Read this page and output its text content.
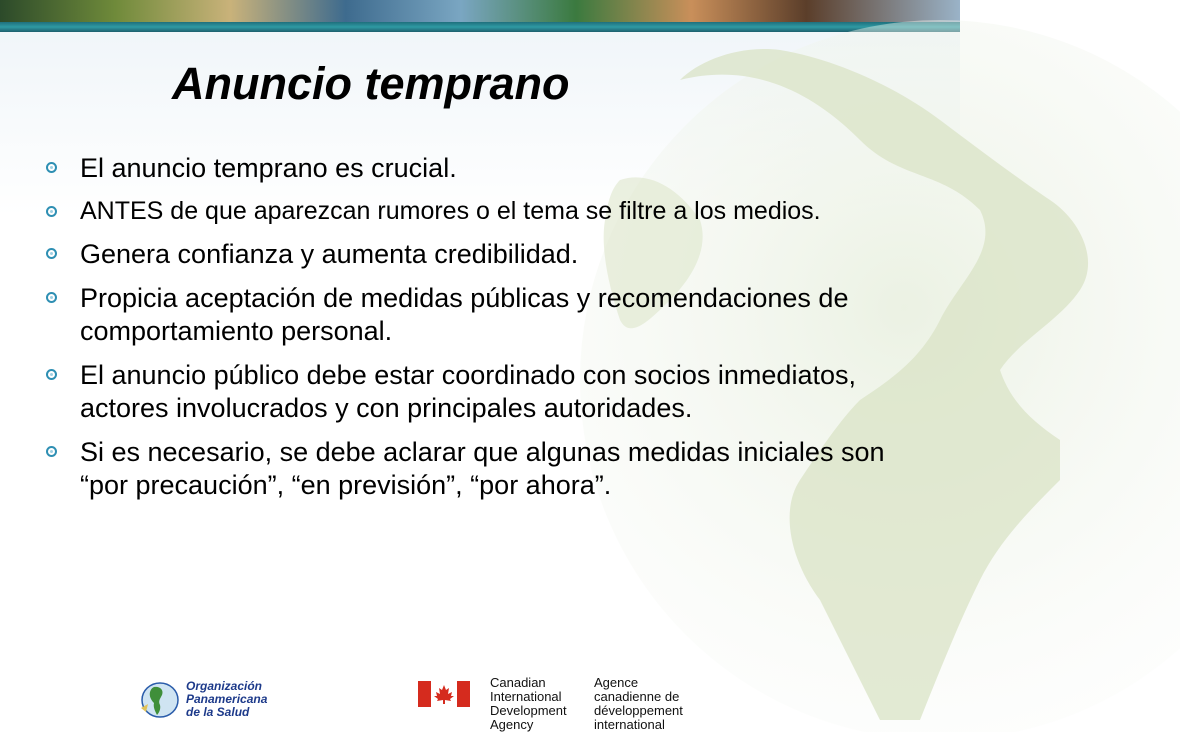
Anuncio temprano
El anuncio temprano es crucial.
ANTES de que aparezcan rumores o el tema se filtre a los medios.
Genera confianza y aumenta credibilidad.
Propicia aceptación de medidas públicas y recomendaciones de comportamiento personal.
El anuncio público debe estar coordinado con socios inmediatos, actores involucrados y con principales autoridades.
Si es necesario, se debe aclarar que algunas medidas iniciales son “por precaución”, “en previsión”, “por ahora”.
Organización
Panamericana
de la Salud
Canadian
International
Development
Agency
Agence
canadienne de
développement
international
